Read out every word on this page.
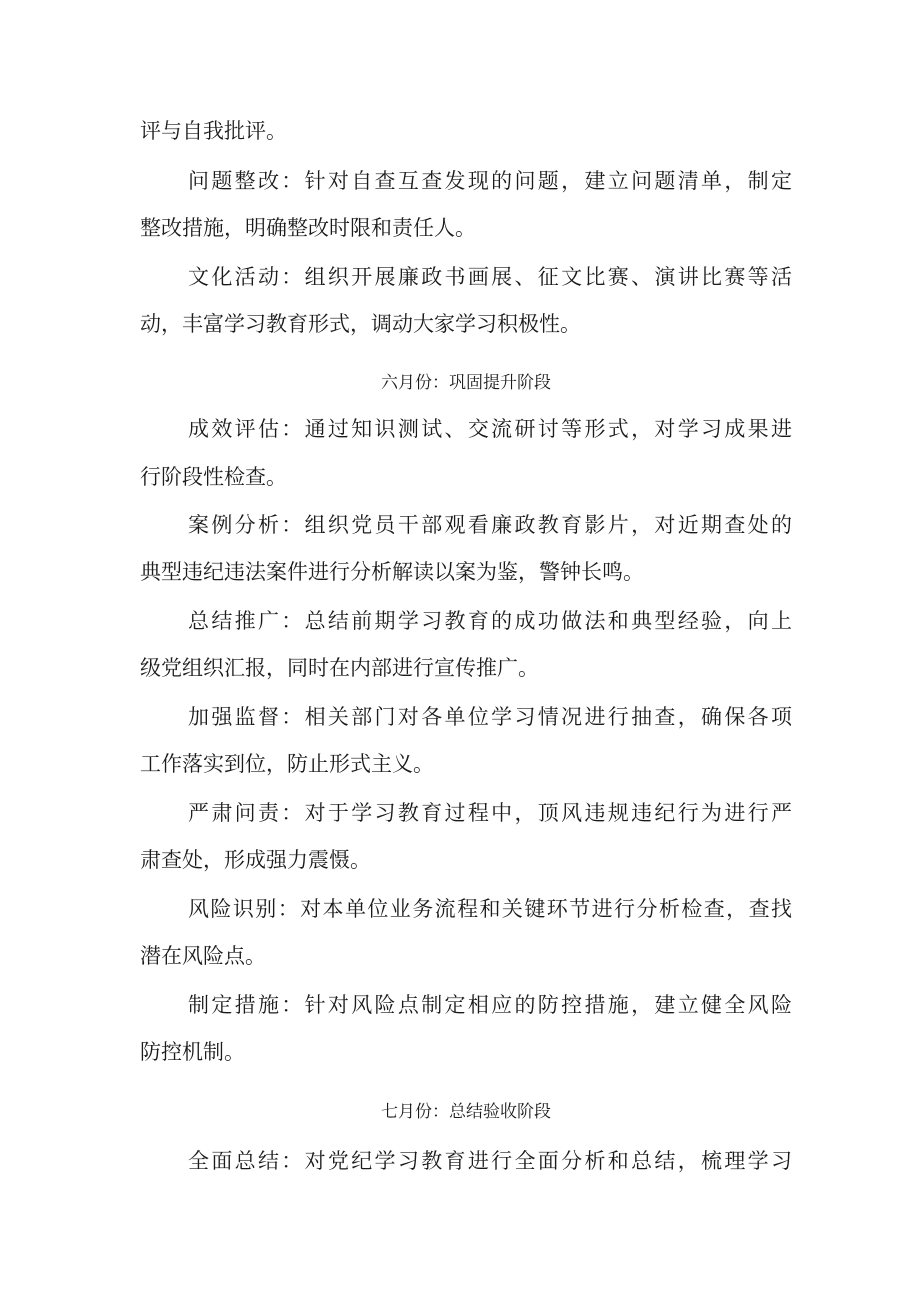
评与自我批评。

问题整改：针对自查互查发现的问题，建立问题清单，制定

整改措施，明确整改时限和责任人。

文化活动：组织开展廉政书画展、征文比赛、演讲比赛等活

动，丰富学习教育形式，调动大家学习积极性。

六月份：巩固提升阶段

成效评估：通过知识测试、交流研讨等形式，对学习成果进

行阶段性检查。

案例分析：组织党员干部观看廉政教育影片，对近期查处的

典型违纪违法案件进行分析解读以案为鉴，警钟长鸣。

总结推广：总结前期学习教育的成功做法和典型经验，向上

级党组织汇报，同时在内部进行宣传推广。

加强监督：相关部门对各单位学习情况进行抽查，确保各项

工作落实到位，防止形式主义。

严肃问责：对于学习教育过程中，顶风违规违纪行为进行严

肃查处，形成强力震慑。

风险识别：对本单位业务流程和关键环节进行分析检查，查找

潜在风险点。

制定措施：针对风险点制定相应的防控措施，建立健全风险

防控机制。

七月份：总结验收阶段

全面总结：对党纪学习教育进行全面分析和总结，梳理学习
